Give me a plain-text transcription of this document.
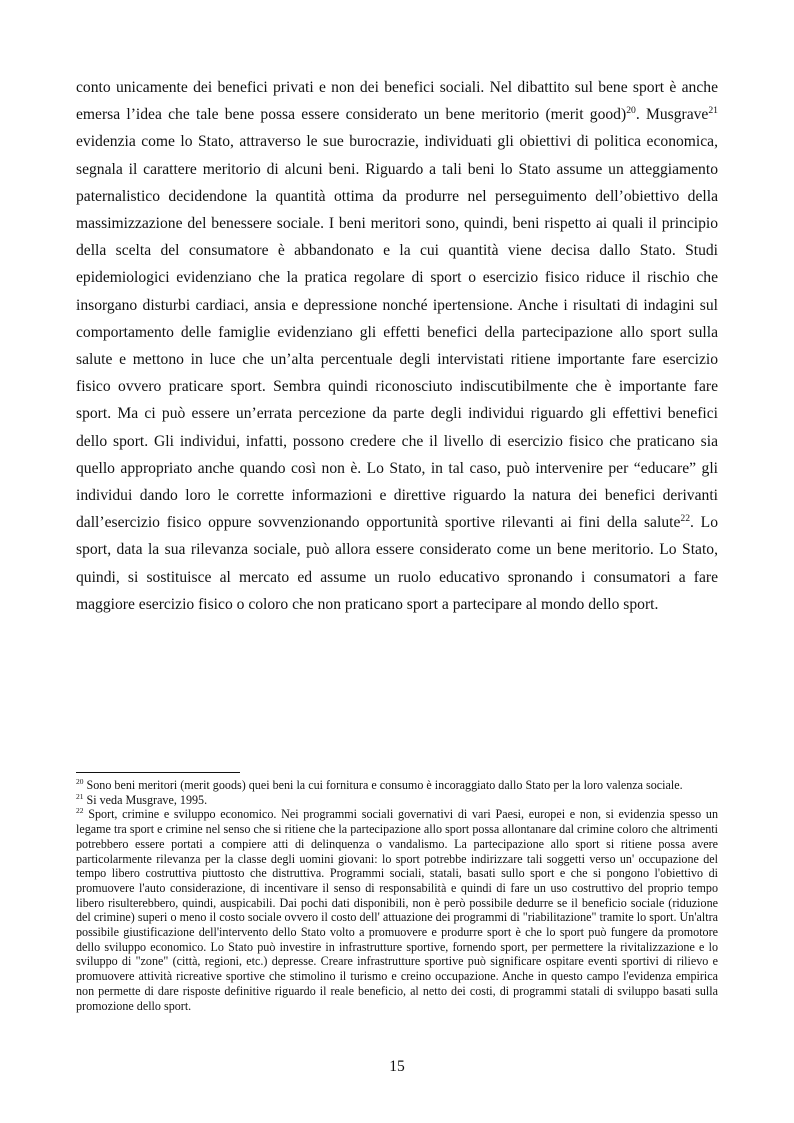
conto unicamente dei benefici privati e non dei benefici sociali. Nel dibattito sul bene sport è anche emersa l’idea che tale bene possa essere considerato un bene meritorio (merit good)$^{20}$. Musgrave$^{21}$ evidenzia come lo Stato, attraverso le sue burocrazie, individuati gli obiettivi di politica economica, segnala il carattere meritorio di alcuni beni. Riguardo a tali beni lo Stato assume un atteggiamento paternalistico decidendone la quantità ottima da produrre nel perseguimento dell’obiettivo della massimizzazione del benessere sociale. I beni meritori sono, quindi, beni rispetto ai quali il principio della scelta del consumatore è abbandonato e la cui quantità viene decisa dallo Stato. Studi epidemiologici evidenziano che la pratica regolare di sport o esercizio fisico riduce il rischio che insorgano disturbi cardiaci, ansia e depressione nonché ipertensione. Anche i risultati di indagini sul comportamento delle famiglie evidenziano gli effetti benefici della partecipazione allo sport sulla salute e mettono in luce che un’alta percentuale degli intervistati ritiene importante fare esercizio fisico ovvero praticare sport. Sembra quindi riconosciuto indiscutibilmente che è importante fare sport. Ma ci può essere un’errata percezione da parte degli individui riguardo gli effettivi benefici dello sport. Gli individui, infatti, possono credere che il livello di esercizio fisico che praticano sia quello appropriato anche quando così non è. Lo Stato, in tal caso, può intervenire per “educare” gli individui dando loro le corrette informazioni e direttive riguardo la natura dei benefici derivanti dall’esercizio fisico oppure sovvenzionando opportunità sportive rilevanti ai fini della salute$^{22}$. Lo sport, data la sua rilevanza sociale, può allora essere considerato come un bene meritorio. Lo Stato, quindi, si sostituisce al mercato ed assume un ruolo educativo spronando i consumatori a fare maggiore esercizio fisico o coloro che non praticano sport a partecipare al mondo dello sport.

$^{20}$ Sono beni meritori (merit goods) quei beni la cui fornitura e consumo è incoraggiato dallo Stato per la loro valenza sociale.

$^{21}$ Si veda Musgrave, 1995.

$^{22}$ Sport, crimine e sviluppo economico. Nei programmi sociali governativi di vari Paesi, europei e non, si evidenzia spesso un legame tra sport e crimine nel senso che si ritiene che la partecipazione allo sport possa allontanare dal crimine coloro che altrimenti potrebbero essere portati a compiere atti di delinquenza o vandalismo. La partecipazione allo sport si ritiene possa avere particolarmente rilevanza per la classe degli uomini giovani: lo sport potrebbe indirizzare tali soggetti verso un' occupazione del tempo libero costruttiva piuttosto che distruttiva. Programmi sociali, statali, basati sullo sport e che si pongono l'obiettivo di promuovere l'auto considerazione, di incentivare il senso di responsabilità e quindi di fare un uso costruttivo del proprio tempo libero risulterebbero, quindi, auspicabili. Dai pochi dati disponibili, non è però possibile dedurre se il beneficio sociale (riduzione del crimine) superi o meno il costo sociale ovvero il costo dell' attuazione dei programmi di "riabilitazione" tramite lo sport. Un'altra possibile giustificazione dell'intervento dello Stato volto a promuovere e produrre sport è che lo sport può fungere da promotore dello sviluppo economico. Lo Stato può investire in infrastrutture sportive, fornendo sport, per permettere la rivitalizzazione e lo sviluppo di "zone" (città, regioni, etc.) depresse. Creare infrastrutture sportive può significare ospitare eventi sportivi di rilievo e promuovere attività ricreative sportive che stimolino il turismo e creino occupazione. Anche in questo campo l'evidenza empirica non permette di dare risposte definitive riguardo il reale beneficio, al netto dei costi, di programmi statali di sviluppo basati sulla promozione dello sport.

15
